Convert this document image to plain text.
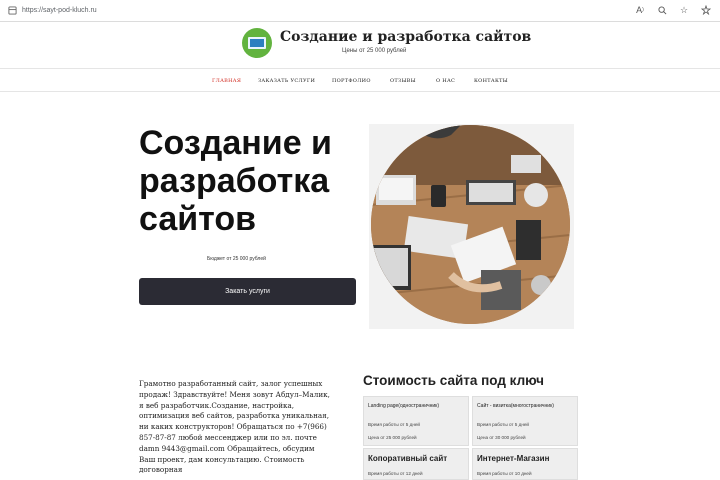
https://sayt-pod-kluch.ru	A )	☆
Создание и разработка сайтов
Цены от 25 000 рублей
ГЛАВНАЯ	ЗАКАЗАТЬ УСЛУГИ	ПОРТФОЛИО	ОТЗЫВЫ	О НАС	КОНТАКТЫ
Создание и
разработка
сайтов
Бюджет от 25 000 рублей
Закать услуги
Грамотно разработанный сайт, залог успешных
продаж! Здравствуйте! Меня зовут Абдул–Малик,
я веб разработчик.Создание, настройка,
оптимизация веб сайтов, разработка уникальная,
ни каких конструкторов! Обращаться по +7(966)
857-87-87 любой мессенджер или по эл. почте
damn 9443@gmail.com Обращайтесь, обсудим
Ваш проект, дам консультацию. Стоимость
договорная
Стоимость сайта под ключ
Landing page(одностраничник)
Время работы от 5 дней
Цена от 25 000 рублей
Сайт - визитка(многостраничник)
Время работы от 5 дней
Цена от 30 000 рублей
Копоративный сайт
Время работы от 12 дней
Интернет-Магазин
Время работы от 10 дней
